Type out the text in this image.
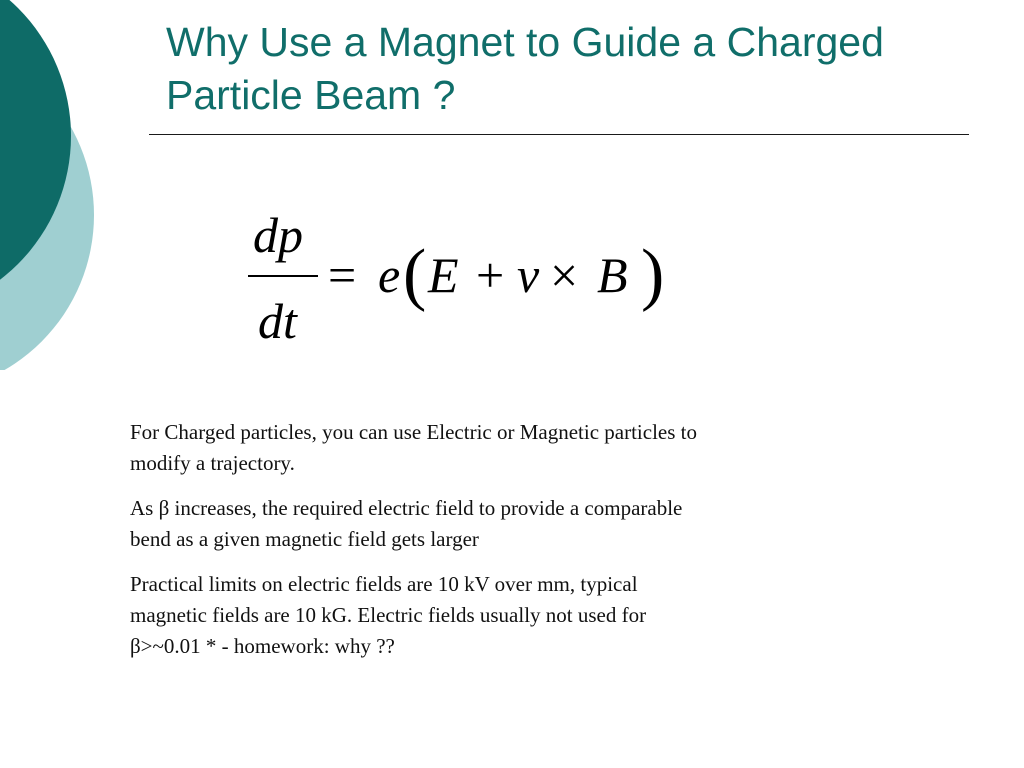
Why Use a Magnet to Guide a Charged
Particle Beam ?
dp
dt
= e ( E + v × B )

For Charged particles, you can use Electric or Magnetic particles to
modify a trajectory.

As β increases, the required electric field to provide a comparable
bend as a given magnetic field gets larger

Practical limits on electric fields are 10 kV over mm, typical
magnetic fields are 10 kG. Electric fields usually not used for
β>~0.01 * - homework: why ??
